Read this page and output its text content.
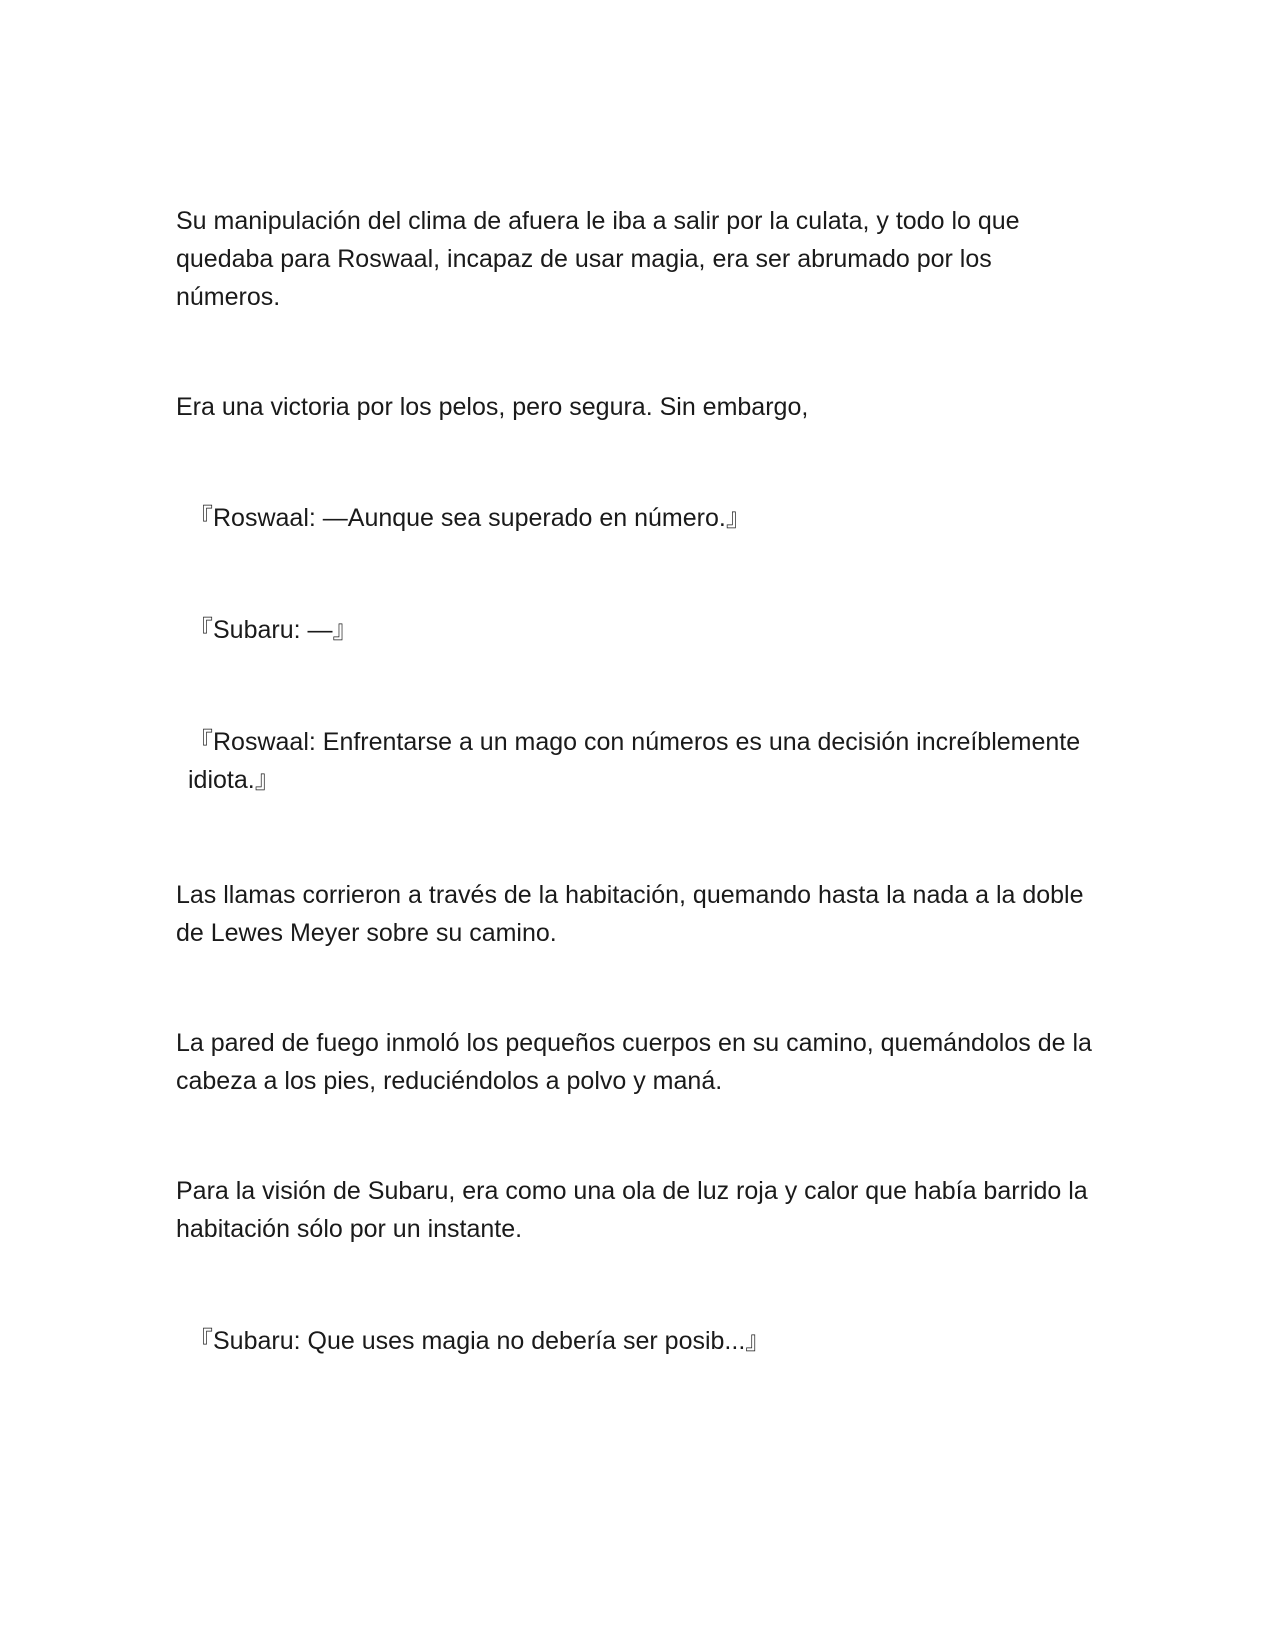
Su manipulación del clima de afuera le iba a salir por la culata, y todo lo que quedaba para Roswaal, incapaz de usar magia, era ser abrumado por los números.

Era una victoria por los pelos, pero segura. Sin embargo,

『Roswaal: —Aunque sea superado en número.』

『Subaru: —』

『Roswaal: Enfrentarse a un mago con números es una decisión increíblemente idiota.』

Las llamas corrieron a través de la habitación, quemando hasta la nada a la doble de Lewes Meyer sobre su camino.

La pared de fuego inmoló los pequeños cuerpos en su camino, quemándolos de la cabeza a los pies, reduciéndolos a polvo y maná.

Para la visión de Subaru, era como una ola de luz roja y calor que había barrido la habitación sólo por un instante.

『Subaru: Que uses magia no debería ser posib...』
